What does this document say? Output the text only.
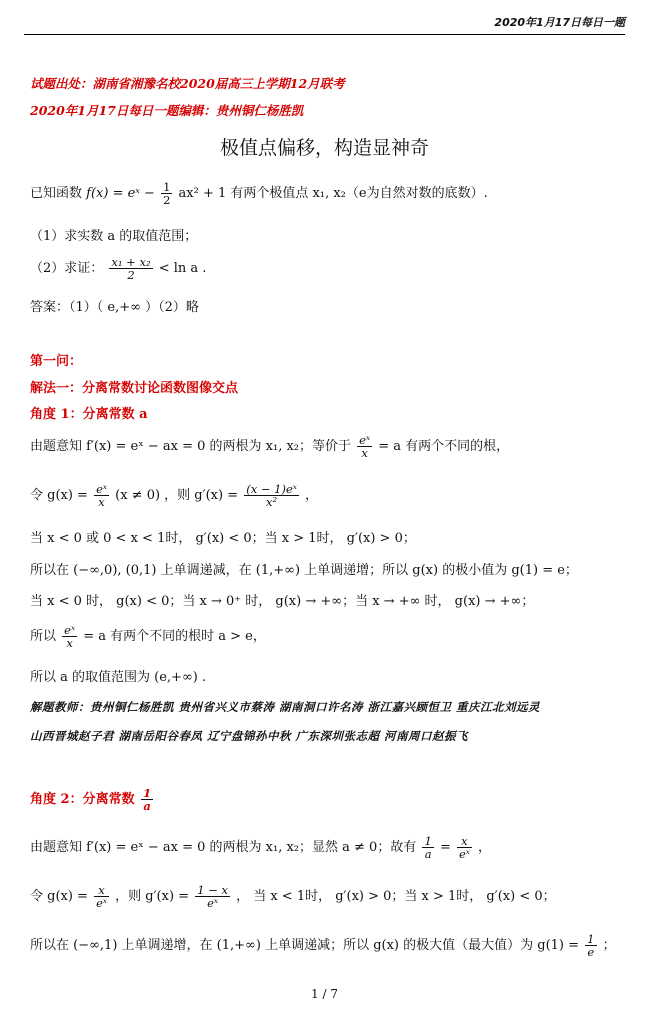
2020年1月17日每日一题
试题出处：湖南省湘豫名校2020届高三上学期12月联考
2020年1月17日每日一题编辑：贵州铜仁杨胜凯
极值点偏移，构造显神奇
已知函数 f(x) = eˣ − $\frac{1}{2} ax^2 + 1$ 有两个极值点 x₁, x₂（e为自然对数的底数）.
（1）求实数 a 的取值范围；
（2）求证： $\frac{\text{x₁ + x₂}}{2} < \ln a$ .
答案：（1）（ e,+∞ ）（2）略
第一问：
解法一：分离常数讨论函数图像交点
角度 1：分离常数 a
由题意知 f′(x) = eˣ − ax = 0 的两根为 x₁, x₂；等价于 $\frac{\text{eˣ}}{x} = a$ 有两个不同的根，
令 $g(x) = \frac{\text{eˣ}}{x} (x \ne 0)$ ，则 $g'(x) = \frac{\text{(x − 1)eˣ}}{\text{x²}}$ ，
当 x < 0 或 0 < x < 1时， g′(x) < 0；当 x > 1时， g′(x) > 0；
所以在 (−∞,0), (0,1) 上单调递减，在 (1,+∞) 上单调递增；所以 g(x) 的极小值为 g(1) = e；
当 x < 0 时， g(x) < 0；当 x → 0⁺ 时， g(x) → +∞；当 x → +∞ 时， g(x) → +∞；
所以 $\frac{\text{eˣ}}{x} = a$ 有两个不同的根时 a > e，
所以 a 的取值范围为 (e,+∞) .
解题教师：贵州铜仁杨胜凯 贵州省兴义市蔡涛 湖南洞口许名涛 浙江嘉兴顾恒卫 重庆江北刘远灵
山西晋城赵子君 湖南岳阳谷春凤 辽宁盘锦孙中秋 广东深圳张志超 河南周口赵振飞
角度 2：分离常数 $\frac{1}{a}$
由题意知 f′(x) = eˣ − ax = 0 的两根为 x₁, x₂；显然 a ≠ 0；故有 $\frac{1}{a} = \frac{x}{\text{eˣ}}$ ，
令 $g(x) = \frac{x}{\text{eˣ}}$ ，则 $g'(x) = \frac{1 - x}{\text{eˣ}}$ ， 当 x < 1时， g′(x) > 0；当 x > 1时， g′(x) < 0；
所以在 (−∞,1) 上单调递增，在 (1,+∞) 上单调递减；所以 g(x) 的极大值（最大值）为 $g(1) = \frac{1}{e}$ ；
1 / 7
